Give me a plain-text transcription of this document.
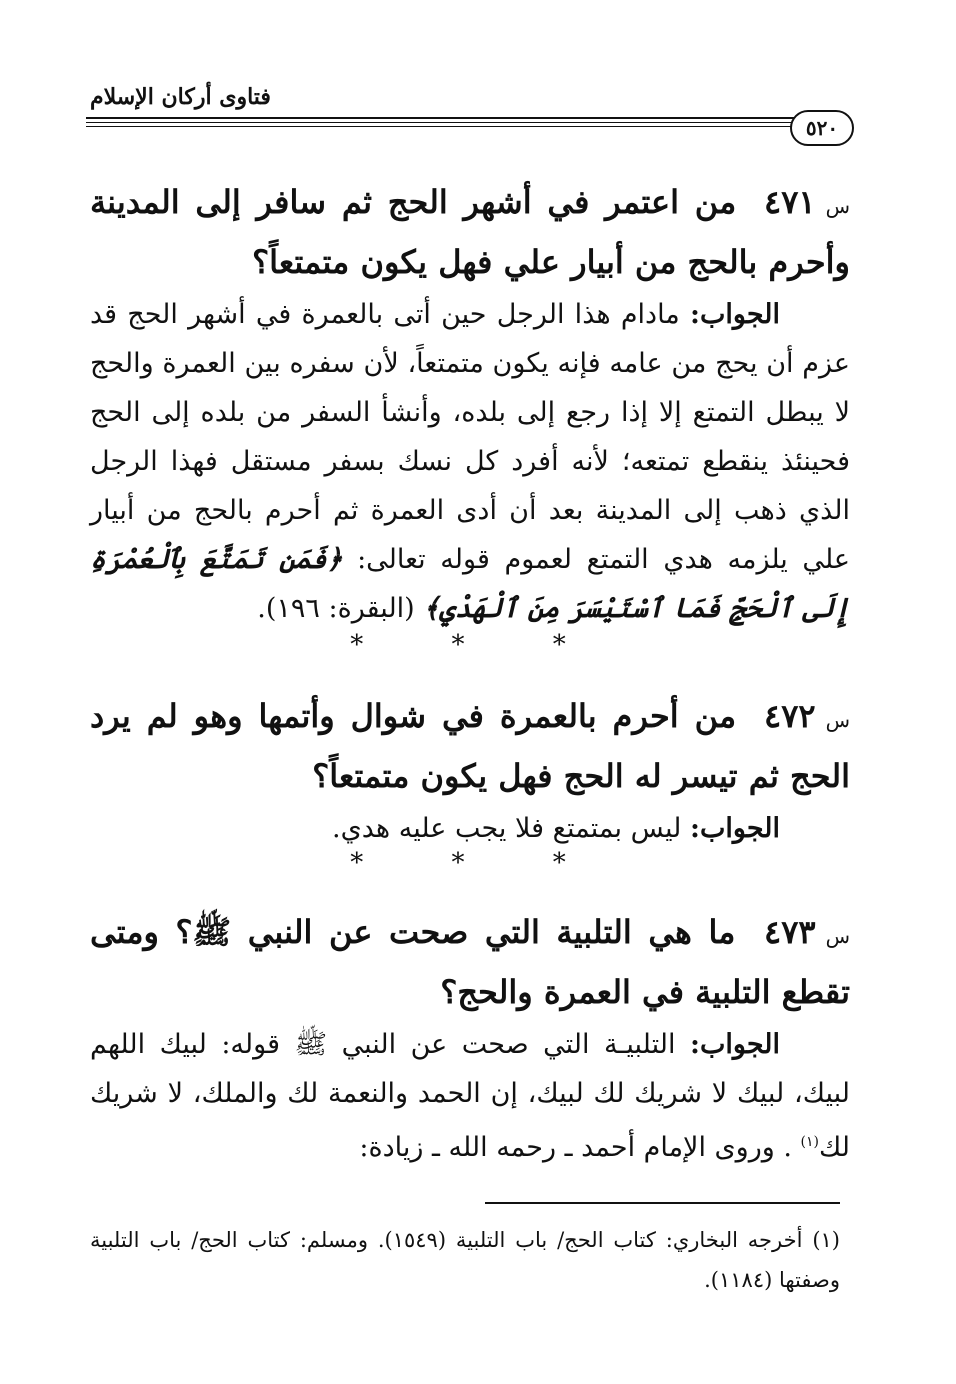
فتاوى أركان الإسلام
٥٢٠
س٤٧١ من اعتمر في أشهر الحج ثم سافر إلى المدينة وأحرم بالحج من أبيار علي فهل يكون متمتعاً؟
الجواب: مادام هذا الرجل حين أتى بالعمرة في أشهر الحج قد عزم أن يحج من عامه فإنه يكون متمتعاً، لأن سفره بين العمرة والحج لا يبطل التمتع إلا إذا رجع إلى بلده، وأنشأ السفر من بلده إلى الحج فحينئذ ينقطع تمتعه؛ لأنه أفرد كل نسك بسفر مستقل فهذا الرجل الذي ذهب إلى المدينة بعد أن أدى العمرة ثم أحرم بالحج من أبيار علي يلزمه هدي التمتع لعموم قوله تعالى: ﴿فَمَن تَمَتَّعَ بِٱلْعُمْرَةِ إِلَى ٱلْحَجِّ فَمَا ٱسْتَيْسَرَ مِنَ ٱلْهَدْيِ﴾ (البقرة: ١٩٦).
* * *
س٤٧٢ من أحرم بالعمرة في شوال وأتمها وهو لم يرد الحج ثم تيسر له الحج فهل يكون متمتعاً؟
الجواب: ليس بمتمتع فلا يجب عليه هدي.
* * *
س٤٧٣ ما هي التلبية التي صحت عن النبي ﷺ؟ ومتى تقطع التلبية في العمرة والحج؟
الجواب: التلبيـة التي صحت عن النبي ﷺ قوله: لبيك اللهم لبيك، لبيك لا شريك لك لبيك، إن الحمد والنعمة لك والملك، لا شريك لك$^{(١)}$ . وروى الإمام أحمد ـ رحمه الله ـ زيادة:
(١) أخرجه البخاري: كتاب الحج/ باب التلبية (١٥٤٩). ومسلم: كتاب الحج/ باب التلبية وصفتها (١١٨٤).
